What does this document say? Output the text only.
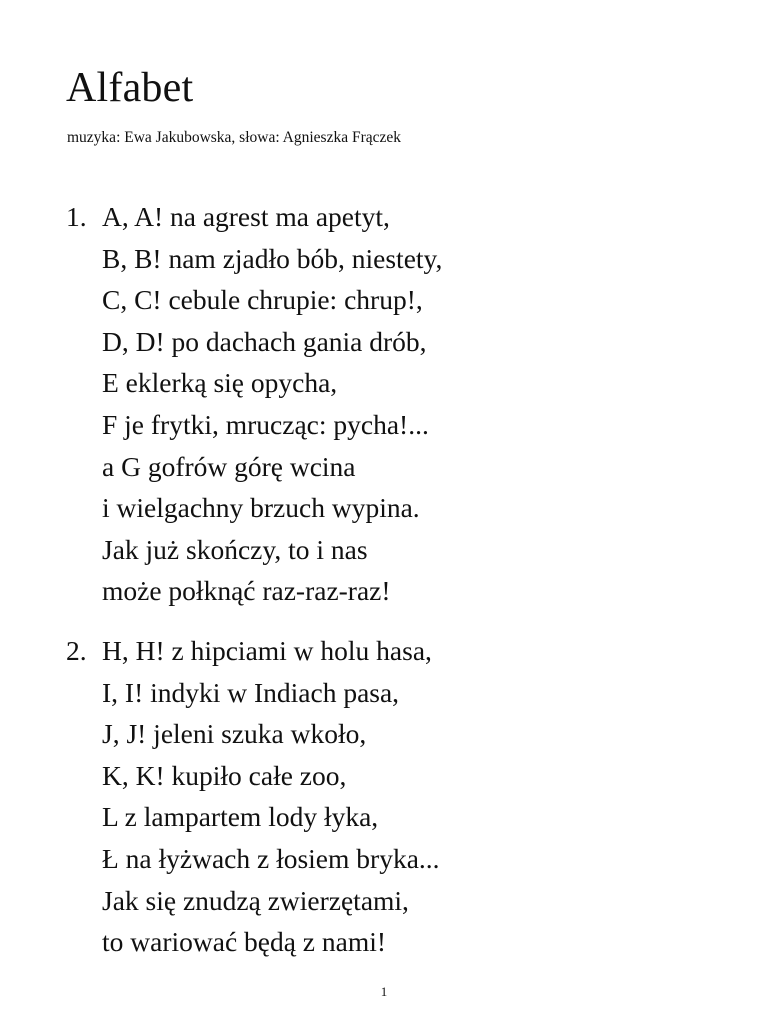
Alfabet

muzyka: Ewa Jakubowska, słowa: Agnieszka Frączek

1. A, A! na agrest ma apetyt,
B, B! nam zjadło bób, niestety,
C, C! cebule chrupie: chrup!,
D, D! po dachach gania drób,
E eklerką się opycha,
F je frytki, mrucząc: pycha!...
a G gofrów górę wcina
i wielgachny brzuch wypina.
Jak już skończy, to i nas
może połknąć raz-raz-raz!
2. H, H! z hipciami w holu hasa,
I, I! indyki w Indiach pasa,
J, J! jeleni szuka wkoło,
K, K! kupiło całe zoo,
L z lampartem lody łyka,
Ł na łyżwach z łosiem bryka...
Jak się znudzą zwierzętami,
to wariować będą z nami!
1
